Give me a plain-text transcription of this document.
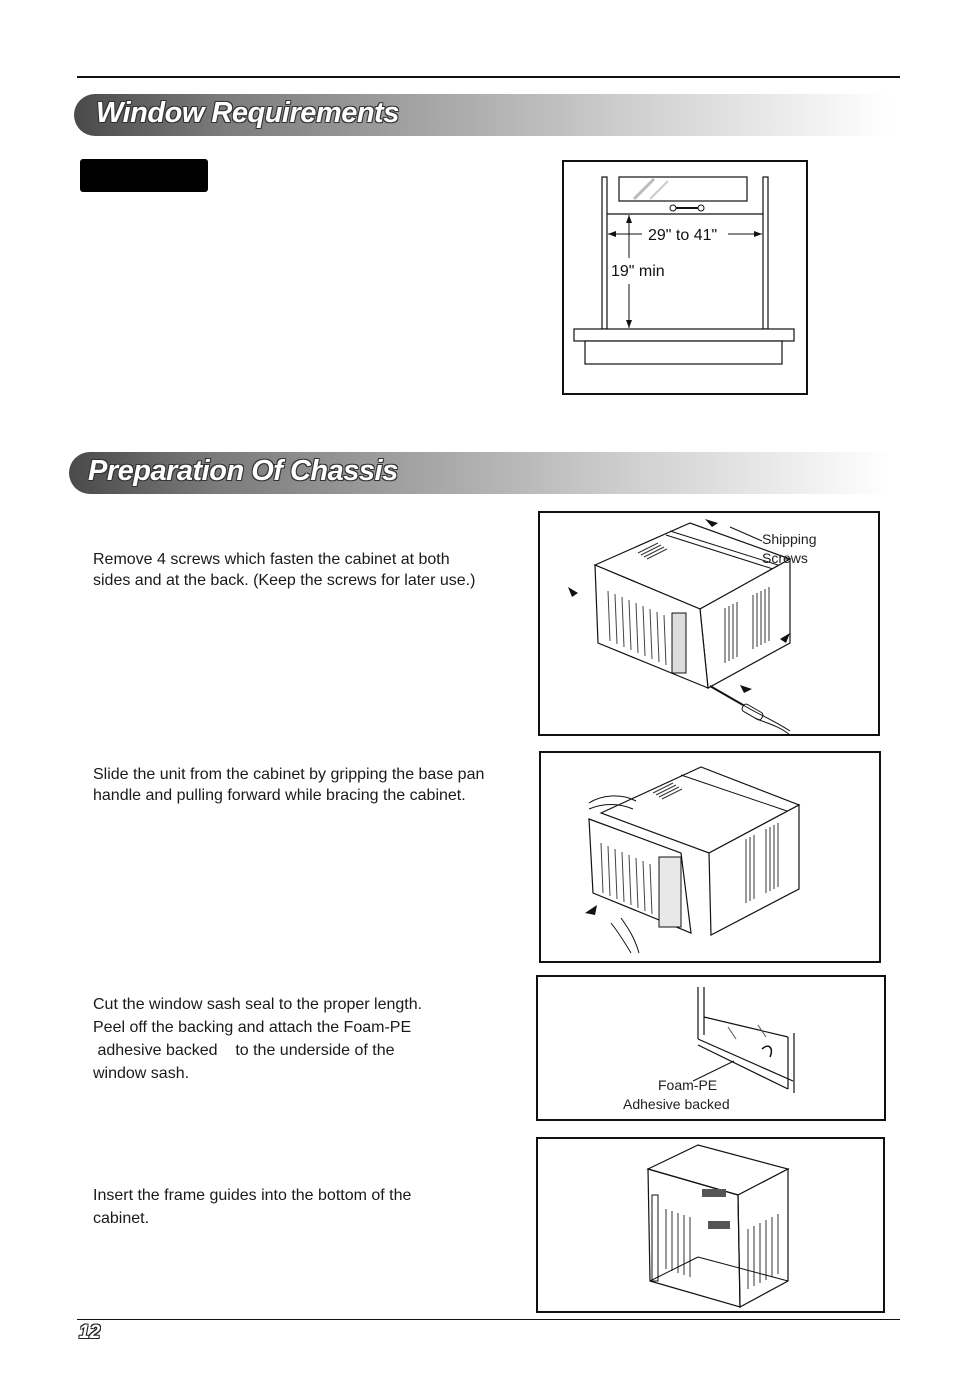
Window Requirements
29" to 41"
19" min
Preparation Of Chassis
Remove 4 screws which fasten the cabinet at both
sides and at the back. (Keep the screws for later use.)
Shipping
Screws
Slide the unit from the cabinet by gripping the base pan
handle and pulling forward while bracing the cabinet.
Cut the window sash seal to the proper length.
Peel off the backing and attach the Foam-PE
adhesive backed    to the underside of the
window sash.
Foam-PE
Adhesive backed
Insert the frame guides into the bottom of the
cabinet.
12
